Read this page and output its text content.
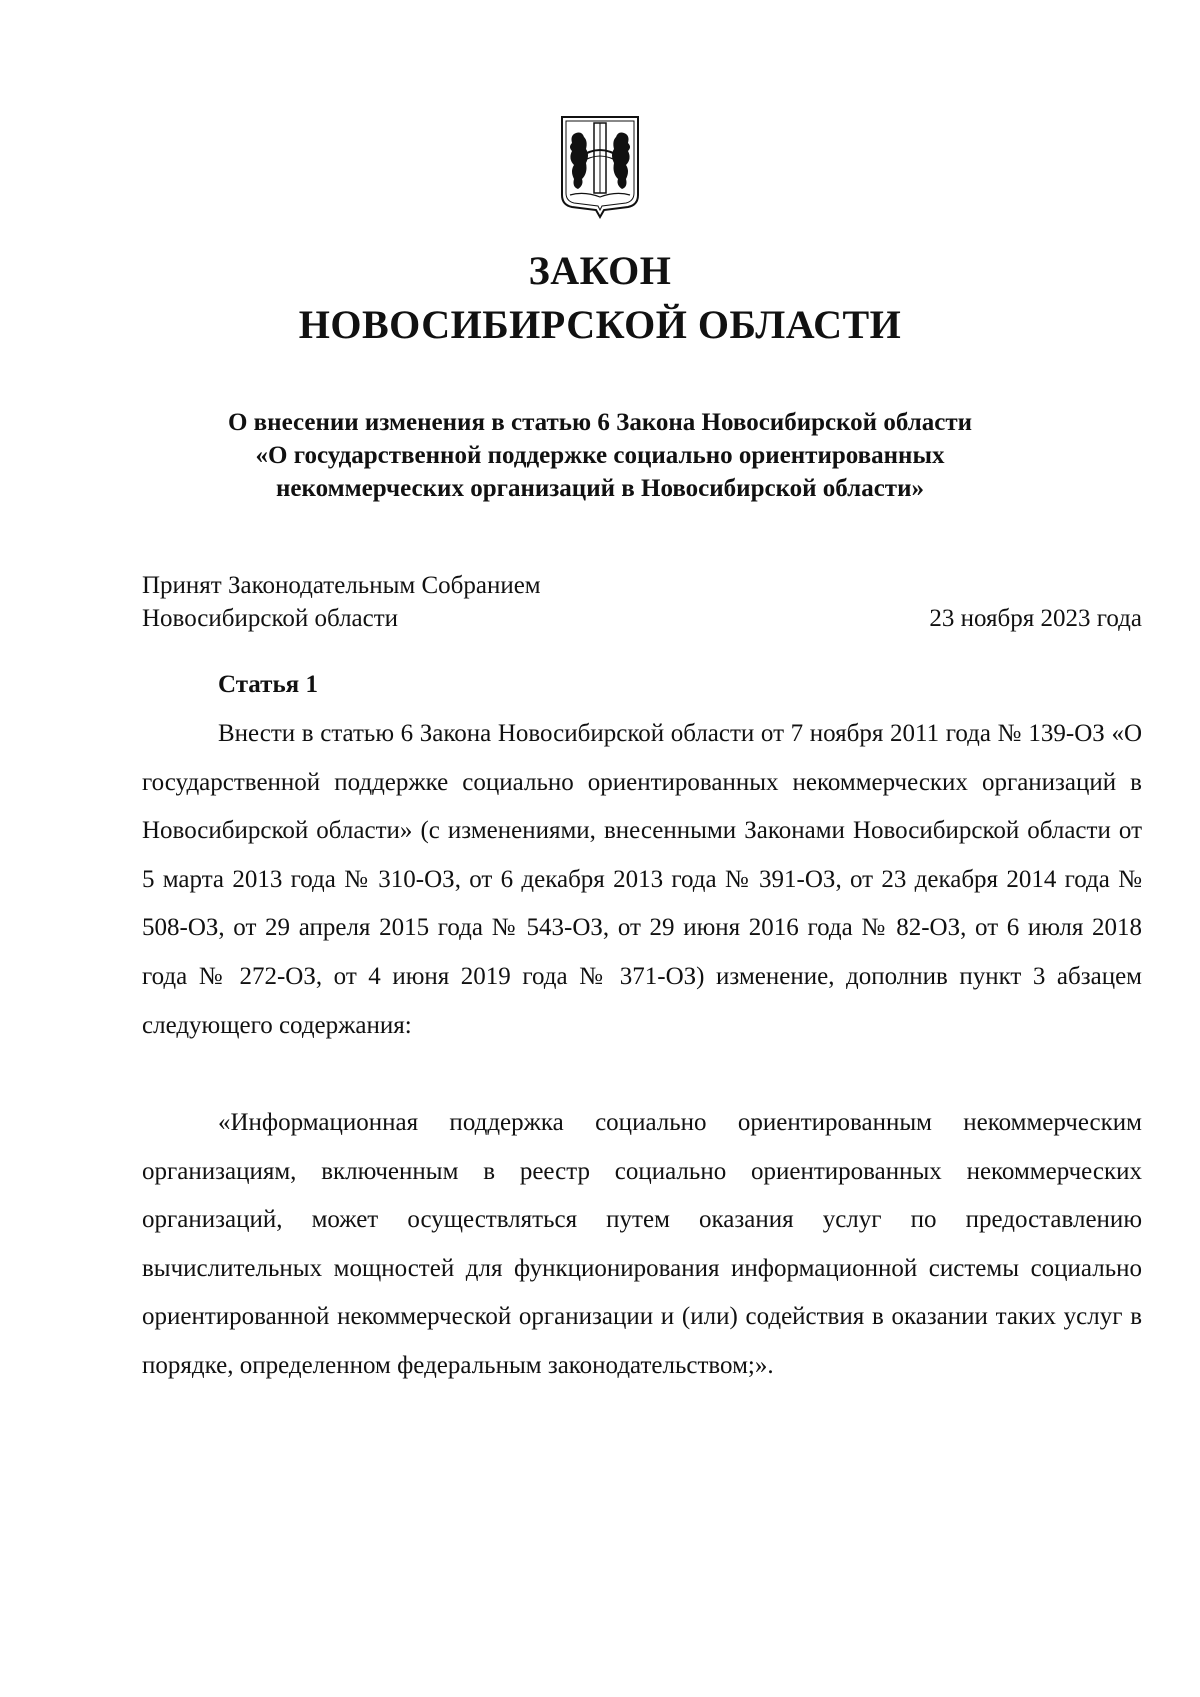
ЗАКОН
НОВОСИБИРСКОЙ ОБЛАСТИ
О внесении изменения в статью 6 Закона Новосибирской области
«О государственной поддержке социально ориентированных
некоммерческих организаций в Новосибирской области»
Принят Законодательным Собранием
Новосибирской области	23 ноября 2023 года
Статья 1

Внести в статью 6 Закона Новосибирской области от 7 ноября 2011 года № 139-ОЗ «О государственной поддержке социально ориентированных некоммерческих организаций в Новосибирской области» (с изменениями, внесенными Законами Новосибирской области от 5 марта 2013 года № 310-ОЗ, от 6 декабря 2013 года № 391-ОЗ, от 23 декабря 2014 года № 508-ОЗ, от 29 апреля 2015 года № 543-ОЗ, от 29 июня 2016 года № 82-ОЗ, от 6 июля 2018 года № 272-ОЗ, от 4 июня 2019 года № 371-ОЗ) изменение, дополнив пункт 3 абзацем следующего содержания:

«Информационная поддержка социально ориентированным некоммерческим организациям, включенным в реестр социально ориентированных некоммерческих организаций, может осуществляться путем оказания услуг по предоставлению вычислительных мощностей для функционирования информационной системы социально ориентированной некоммерческой организации и (или) содействия в оказании таких услуг в порядке, определенном федеральным законодательством;».
